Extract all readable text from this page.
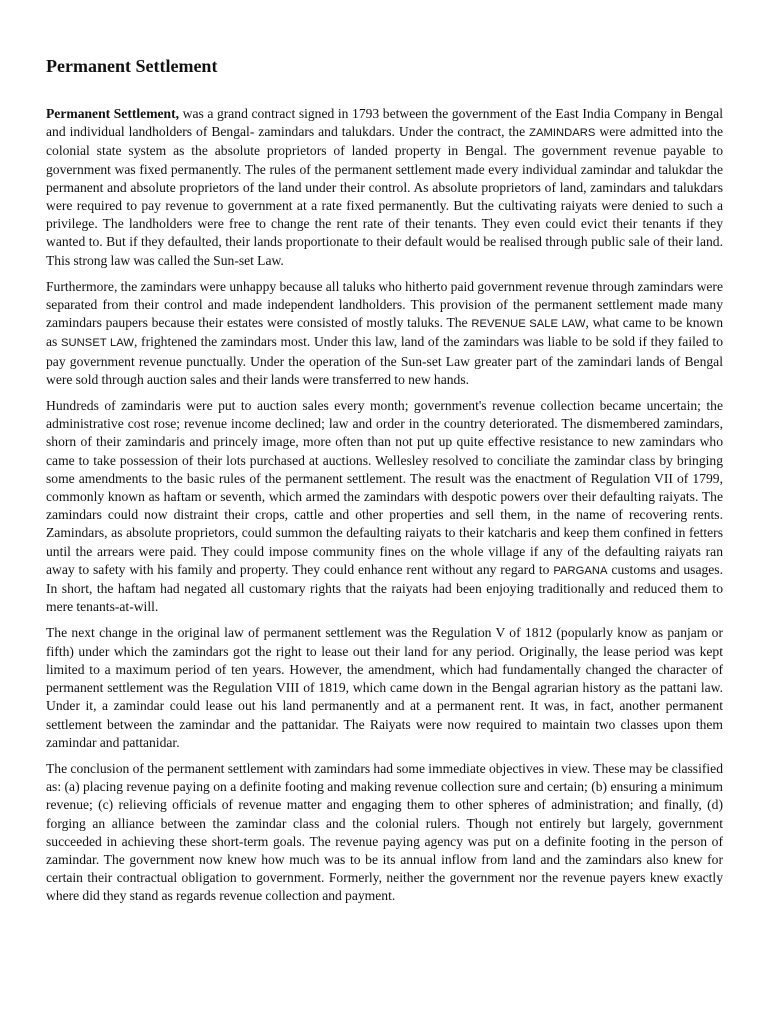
Permanent Settlement

Permanent Settlement, was a grand contract signed in 1793 between the government of the East India Company in Bengal and individual landholders of Bengal- zamindars and talukdars. Under the contract, the ZAMINDARS were admitted into the colonial state system as the absolute proprietors of landed property in Bengal. The government revenue payable to government was fixed permanently. The rules of the permanent settlement made every individual zamindar and talukdar the permanent and absolute proprietors of the land under their control. As absolute proprietors of land, zamindars and talukdars were required to pay revenue to government at a rate fixed permanently. But the cultivating raiyats were denied to such a privilege. The landholders were free to change the rent rate of their tenants. They even could evict their tenants if they wanted to. But if they defaulted, their lands proportionate to their default would be realised through public sale of their land. This strong law was called the Sun-set Law.

Furthermore, the zamindars were unhappy because all taluks who hitherto paid government revenue through zamindars were separated from their control and made independent landholders. This provision of the permanent settlement made many zamindars paupers because their estates were consisted of mostly taluks. The REVENUE SALE LAW, what came to be known as SUNSET LAW, frightened the zamindars most. Under this law, land of the zamindars was liable to be sold if they failed to pay government revenue punctually. Under the operation of the Sun-set Law greater part of the zamindari lands of Bengal were sold through auction sales and their lands were transferred to new hands.

Hundreds of zamindaris were put to auction sales every month; government's revenue collection became uncertain; the administrative cost rose; revenue income declined; law and order in the country deteriorated. The dismembered zamindars, shorn of their zamindaris and princely image, more often than not put up quite effective resistance to new zamindars who came to take possession of their lots purchased at auctions. Wellesley resolved to conciliate the zamindar class by bringing some amendments to the basic rules of the permanent settlement. The result was the enactment of Regulation VII of 1799, commonly known as haftam or seventh, which armed the zamindars with despotic powers over their defaulting raiyats. The zamindars could now distraint their crops, cattle and other properties and sell them, in the name of recovering rents. Zamindars, as absolute proprietors, could summon the defaulting raiyats to their katcharis and keep them confined in fetters until the arrears were paid. They could impose community fines on the whole village if any of the defaulting raiyats ran away to safety with his family and property. They could enhance rent without any regard to PARGANA customs and usages. In short, the haftam had negated all customary rights that the raiyats had been enjoying traditionally and reduced them to mere tenants-at-will.

The next change in the original law of permanent settlement was the Regulation V of 1812 (popularly know as panjam or fifth) under which the zamindars got the right to lease out their land for any period. Originally, the lease period was kept limited to a maximum period of ten years. However, the amendment, which had fundamentally changed the character of permanent settlement was the Regulation VIII of 1819, which came down in the Bengal agrarian history as the pattani law. Under it, a zamindar could lease out his land permanently and at a permanent rent. It was, in fact, another permanent settlement between the zamindar and the pattanidar. The Raiyats were now required to maintain two classes upon them zamindar and pattanidar.

The conclusion of the permanent settlement with zamindars had some immediate objectives in view. These may be classified as: (a) placing revenue paying on a definite footing and making revenue collection sure and certain; (b) ensuring a minimum revenue; (c) relieving officials of revenue matter and engaging them to other spheres of administration; and finally, (d) forging an alliance between the zamindar class and the colonial rulers. Though not entirely but largely, government succeeded in achieving these short-term goals. The revenue paying agency was put on a definite footing in the person of zamindar. The government now knew how much was to be its annual inflow from land and the zamindars also knew for certain their contractual obligation to government. Formerly, neither the government nor the revenue payers knew exactly where did they stand as regards revenue collection and payment.
